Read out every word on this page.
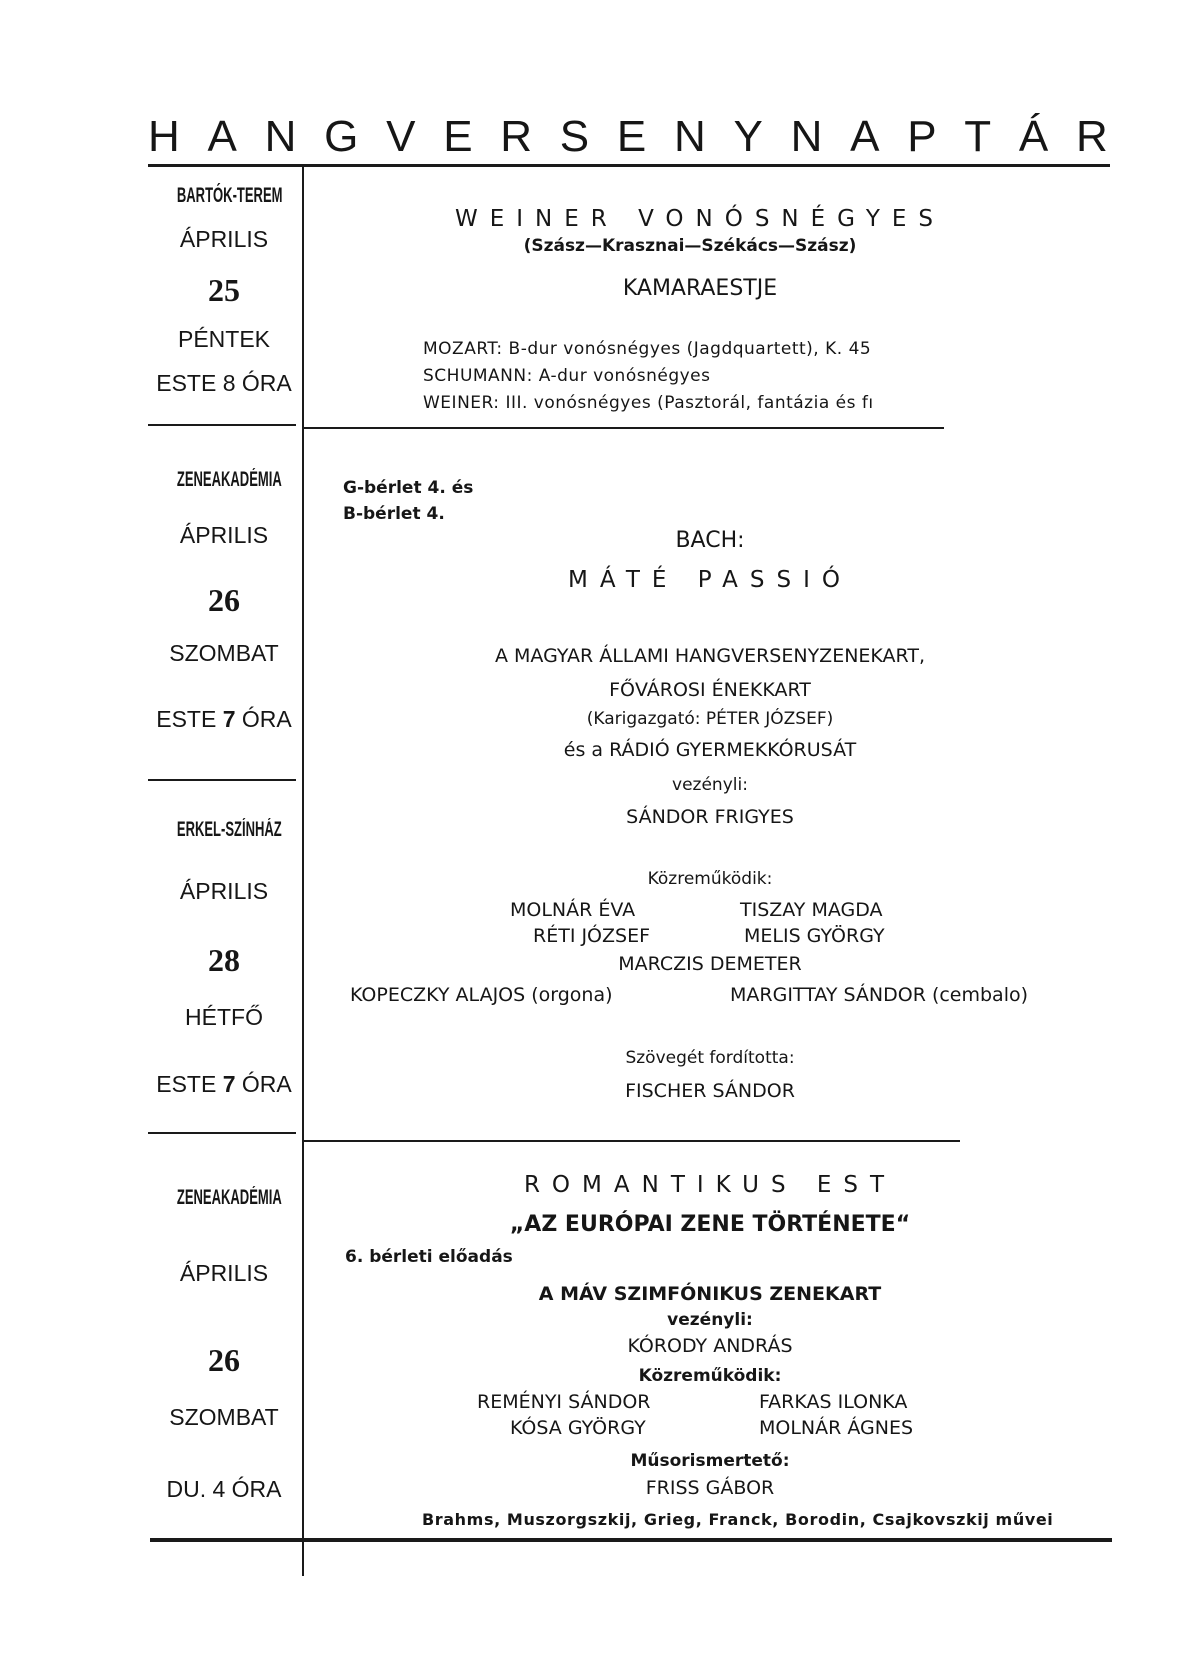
H A N G V E R S E N Y N A P T Á R
BARTÓK-TEREM
ÁPRILIS
25
PÉNTEK
ESTE 8 ÓRA
WEINER VONÓSNÉGYES
(Szász—Krasznai—Székács—Szász)
KAMARAESTJE
MOZART: B-dur vonósnégyes (Jagdquartett), K. 45
SCHUMANN: A-dur vonósnégyes
WEINER: III. vonósnégyes (Pasztorál, fantázia és fı
ZENEAKADÉMIA
ÁPRILIS
26
SZOMBAT
ESTE 7 ÓRA
G-bérlet 4. és
B-bérlet 4.
BACH:
MÁTÉ PASSIÓ
A MAGYAR ÁLLAMI HANGVERSENYZENEKART,
FŐVÁROSI ÉNEKKART
(Karigazgató: PÉTER JÓZSEF)
és a RÁDIÓ GYERMEKKÓRUSÁT
vezényli:
SÁNDOR FRIGYES
Közreműködik:
MOLNÁR ÉVA
RÉTI JÓZSEF
TISZAY MAGDA
MELIS GYÖRGY
MARCZIS DEMETER
KOPECZKY ALAJOS (orgona)	MARGITTAY SÁNDOR (cembalo)
Szövegét fordította:
FISCHER SÁNDOR
ERKEL-SZÍNHÁZ
ÁPRILIS
28
HÉTFŐ
ESTE 7 ÓRA
ZENEAKADÉMIA
ÁPRILIS
26
SZOMBAT
DU. 4 ÓRA
ROMANTIKUS EST
„AZ EURÓPAI ZENE TÖRTÉNETE“
6. bérleti előadás
A MÁV SZIMFÓNIKUS ZENEKART
vezényli:
KÓRODY ANDRÁS
Közreműködik:
REMÉNYI SÁNDOR
KÓSA GYÖRGY
FARKAS ILONKA
MOLNÁR ÁGNES
Műsorismertető:
FRISS GÁBOR
Brahms, Muszorgszkij, Grieg, Franck, Borodin, Csajkovszkij művei
